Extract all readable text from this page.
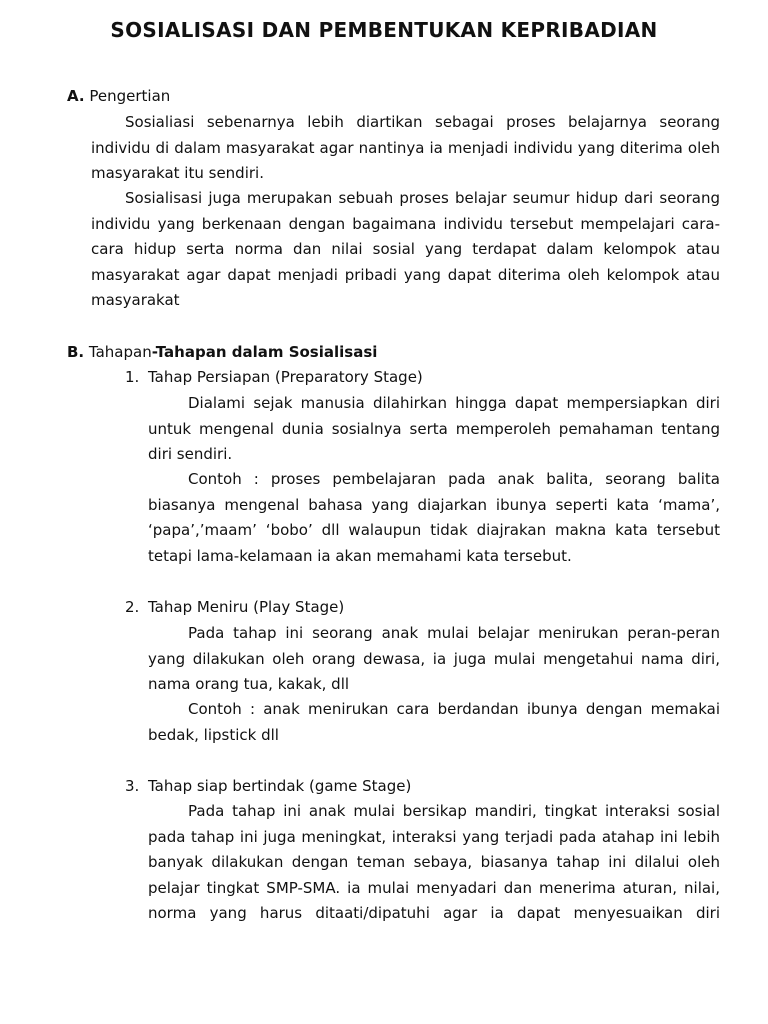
SOSIALISASI DAN PEMBENTUKAN KEPRIBADIAN

A. Pengertian

Sosialiasi sebenarnya lebih diartikan sebagai proses belajarnya seorang individu di dalam masyarakat agar nantinya ia menjadi individu yang diterima oleh masyarakat itu sendiri.

Sosialisasi juga merupakan sebuah proses belajar seumur hidup dari seorang individu yang berkenaan dengan bagaimana individu tersebut mempelajari cara-cara hidup serta norma dan nilai sosial yang terdapat dalam kelompok atau masyarakat agar dapat menjadi pribadi yang dapat diterima oleh kelompok atau masyarakat

B. Tahapan-Tahapan dalam Sosialisasi

1. Tahap Persiapan (Preparatory Stage)

Dialami sejak manusia dilahirkan hingga dapat mempersiapkan diri untuk mengenal dunia sosialnya serta memperoleh pemahaman tentang diri sendiri.

Contoh : proses pembelajaran pada anak balita, seorang balita biasanya mengenal bahasa yang diajarkan ibunya seperti kata ‘mama’, ‘papa’,’maam’ ‘bobo’ dll walaupun tidak diajrakan makna kata tersebut tetapi lama-kelamaan ia akan memahami kata tersebut.

2. Tahap Meniru (Play Stage)

Pada tahap ini seorang anak mulai belajar menirukan peran-peran yang dilakukan oleh orang dewasa, ia juga mulai mengetahui nama diri, nama orang tua, kakak, dll

Contoh : anak menirukan cara berdandan ibunya dengan memakai bedak, lipstick dll

3. Tahap siap bertindak (game Stage)

Pada tahap ini anak mulai bersikap mandiri, tingkat interaksi sosial pada tahap ini juga meningkat, interaksi yang terjadi pada atahap ini lebih banyak dilakukan dengan teman sebaya, biasanya tahap ini dilalui oleh pelajar tingkat SMP-SMA. ia mulai menyadari dan menerima aturan, nilai, norma yang harus ditaati/dipatuhi agar ia dapat menyesuaikan diri
